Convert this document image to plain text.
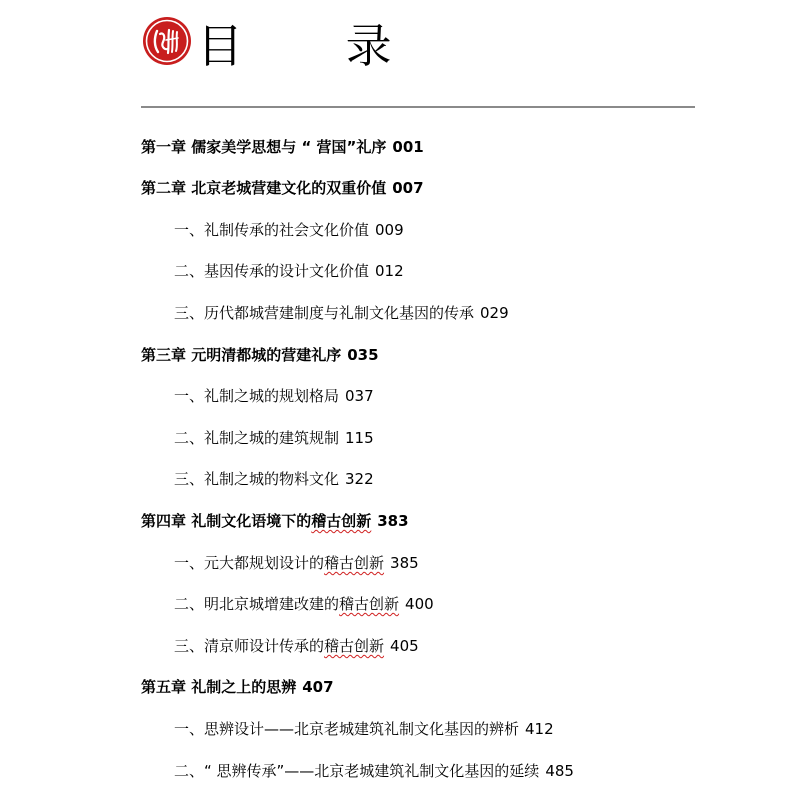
目 录
第一章 儒家美学思想与 “ 营国”礼序 001
第二章 北京老城营建文化的双重价值 007
一、礼制传承的社会文化价值 009
二、基因传承的设计文化价值 012
三、历代都城营建制度与礼制文化基因的传承 029
第三章 元明清都城的营建礼序 035
一、礼制之城的规划格局 037
二、礼制之城的建筑规制 115
三、礼制之城的物料文化 322
第四章 礼制文化语境下的稽古创新 383
一、元大都规划设计的稽古创新 385
二、明北京城增建改建的稽古创新 400
三、清京师设计传承的稽古创新 405
第五章 礼制之上的思辨 407
一、思辨设计——北京老城建筑礼制文化基因的辨析 412
二、“ 思辨传承”——北京老城建筑礼制文化基因的延续 485
